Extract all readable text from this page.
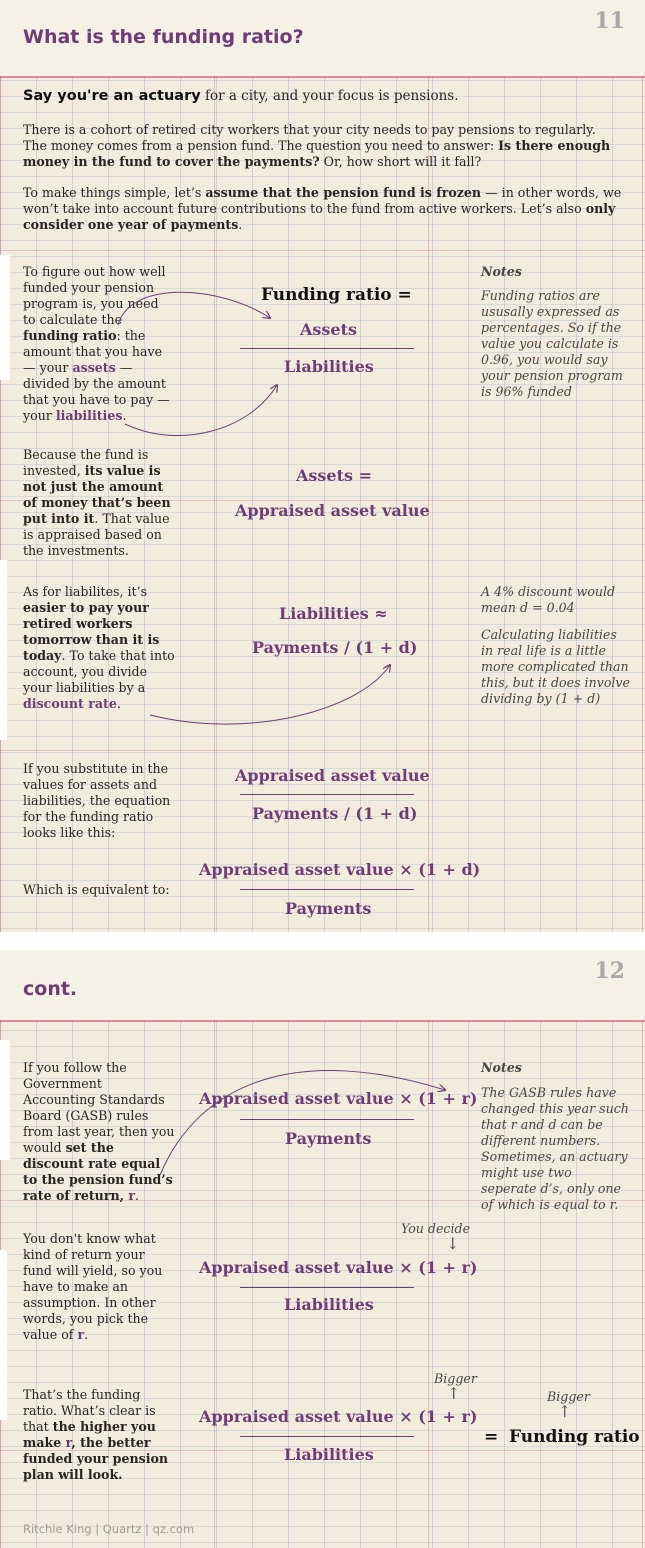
11
What is the funding ratio?

Say you're an actuary for a city, and your focus is pensions.

There is a cohort of retired city workers that your city needs to pay pensions to regularly. The money comes from a pension fund. The question you need to answer: Is there enough money in the fund to cover the payments? Or, how short will it fall?

To make things simple, let’s assume that the pension fund is frozen — in other words, we won’t take into account future contributions to the fund from active workers. Let’s also only consider one year of payments.

To figure out how well funded your pension program is, you need to calculate the funding ratio: the amount that you have — your assets — divided by the amount that you have to pay — your liabilities.

Funding ratio =
Assets
Liabilities
Notes

Funding ratios are ususally expressed as percentages. So if the value you calculate is 0.96, you would say your pension program is 96% funded

Because the fund is invested, its value is not just the amount of money that’s been put into it. That value is appraised based on the investments.

Assets =
Appraised asset value

As for liabilites, it’s easier to pay your retired workers tomorrow than it is today. To take that into account, you divide your liabilities by a discount rate.

Liabilities ≈
Payments / (1 + d)

A 4% discount would mean d = 0.04

Calculating liabilities in real life is a little more complicated than this, but it does involve dividing by (1 + d)

If you substitute in the values for assets and liabilities, the equation for the funding ratio looks like this:

Appraised asset value
Payments / (1 + d)

Which is equivalent to:

Appraised asset value × (1 + d)
Payments
12
cont.

If you follow the Government Accounting Standards Board (GASB) rules from last year, then you would set the discount rate equal to the pension fund’s rate of return, r.

Appraised asset value × (1 + r)
Payments
Notes

The GASB rules have changed this year such that r and d can be different numbers. Sometimes, an actuary might use two seperate d’s, only one of which is equal to r.

You don't know what kind of return your fund will yield, so you have to make an assumption. In other words, you pick the value of r.

You decide
↓
Appraised asset value × (1 + r)
Liabilities

That’s the funding ratio. What’s clear is that the higher you make r, the better funded your pension plan will look.

Bigger
↑	Bigger
↑
Appraised asset value × (1 + r)
Liabilities
= Funding ratio
Ritchie King | Quartz | qz.com
